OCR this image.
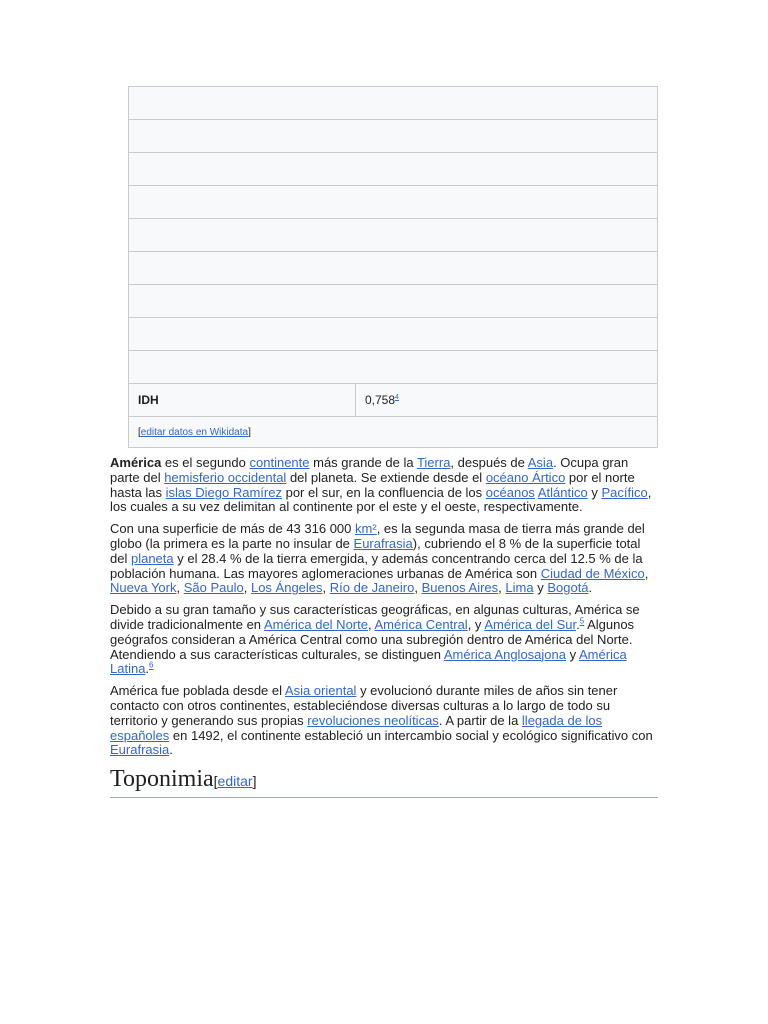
IDH	0,758$^4$
[editar datos en Wikidata]

América es el segundo continente más grande de la Tierra, después de Asia. Ocupa gran parte del hemisferio occidental del planeta. Se extiende desde el océano Ártico por el norte hasta las islas Diego Ramírez por el sur, en la confluencia de los océanos Atlántico y Pacífico, los cuales a su vez delimitan al continente por el este y el oeste, respectivamente.

Con una superficie de más de 43 316 000 km², es la segunda masa de tierra más grande del globo (la primera es la parte no insular de Eurafrasia), cubriendo el 8 % de la superficie total del planeta y el 28.4 % de la tierra emergida, y además concentrando cerca del 12.5 % de la población humana. Las mayores aglomeraciones urbanas de América son Ciudad de México, Nueva York, São Paulo, Los Ángeles, Río de Janeiro, Buenos Aires, Lima y Bogotá.

Debido a su gran tamaño y sus características geográficas, en algunas culturas, América se divide tradicionalmente en América del Norte, América Central, y América del Sur.$^5$ Algunos geógrafos consideran a América Central como una subregión dentro de América del Norte. Atendiendo a sus características culturales, se distinguen América Anglosajona y América Latina.$^6$

América fue poblada desde el Asia oriental y evolucionó durante miles de años sin tener contacto con otros continentes, estableciéndose diversas culturas a lo largo de todo su territorio y generando sus propias revoluciones neolíticas. A partir de la llegada de los españoles en 1492, el continente estableció un intercambio social y ecológico significativo con Eurafrasia.

Toponimia[editar]
